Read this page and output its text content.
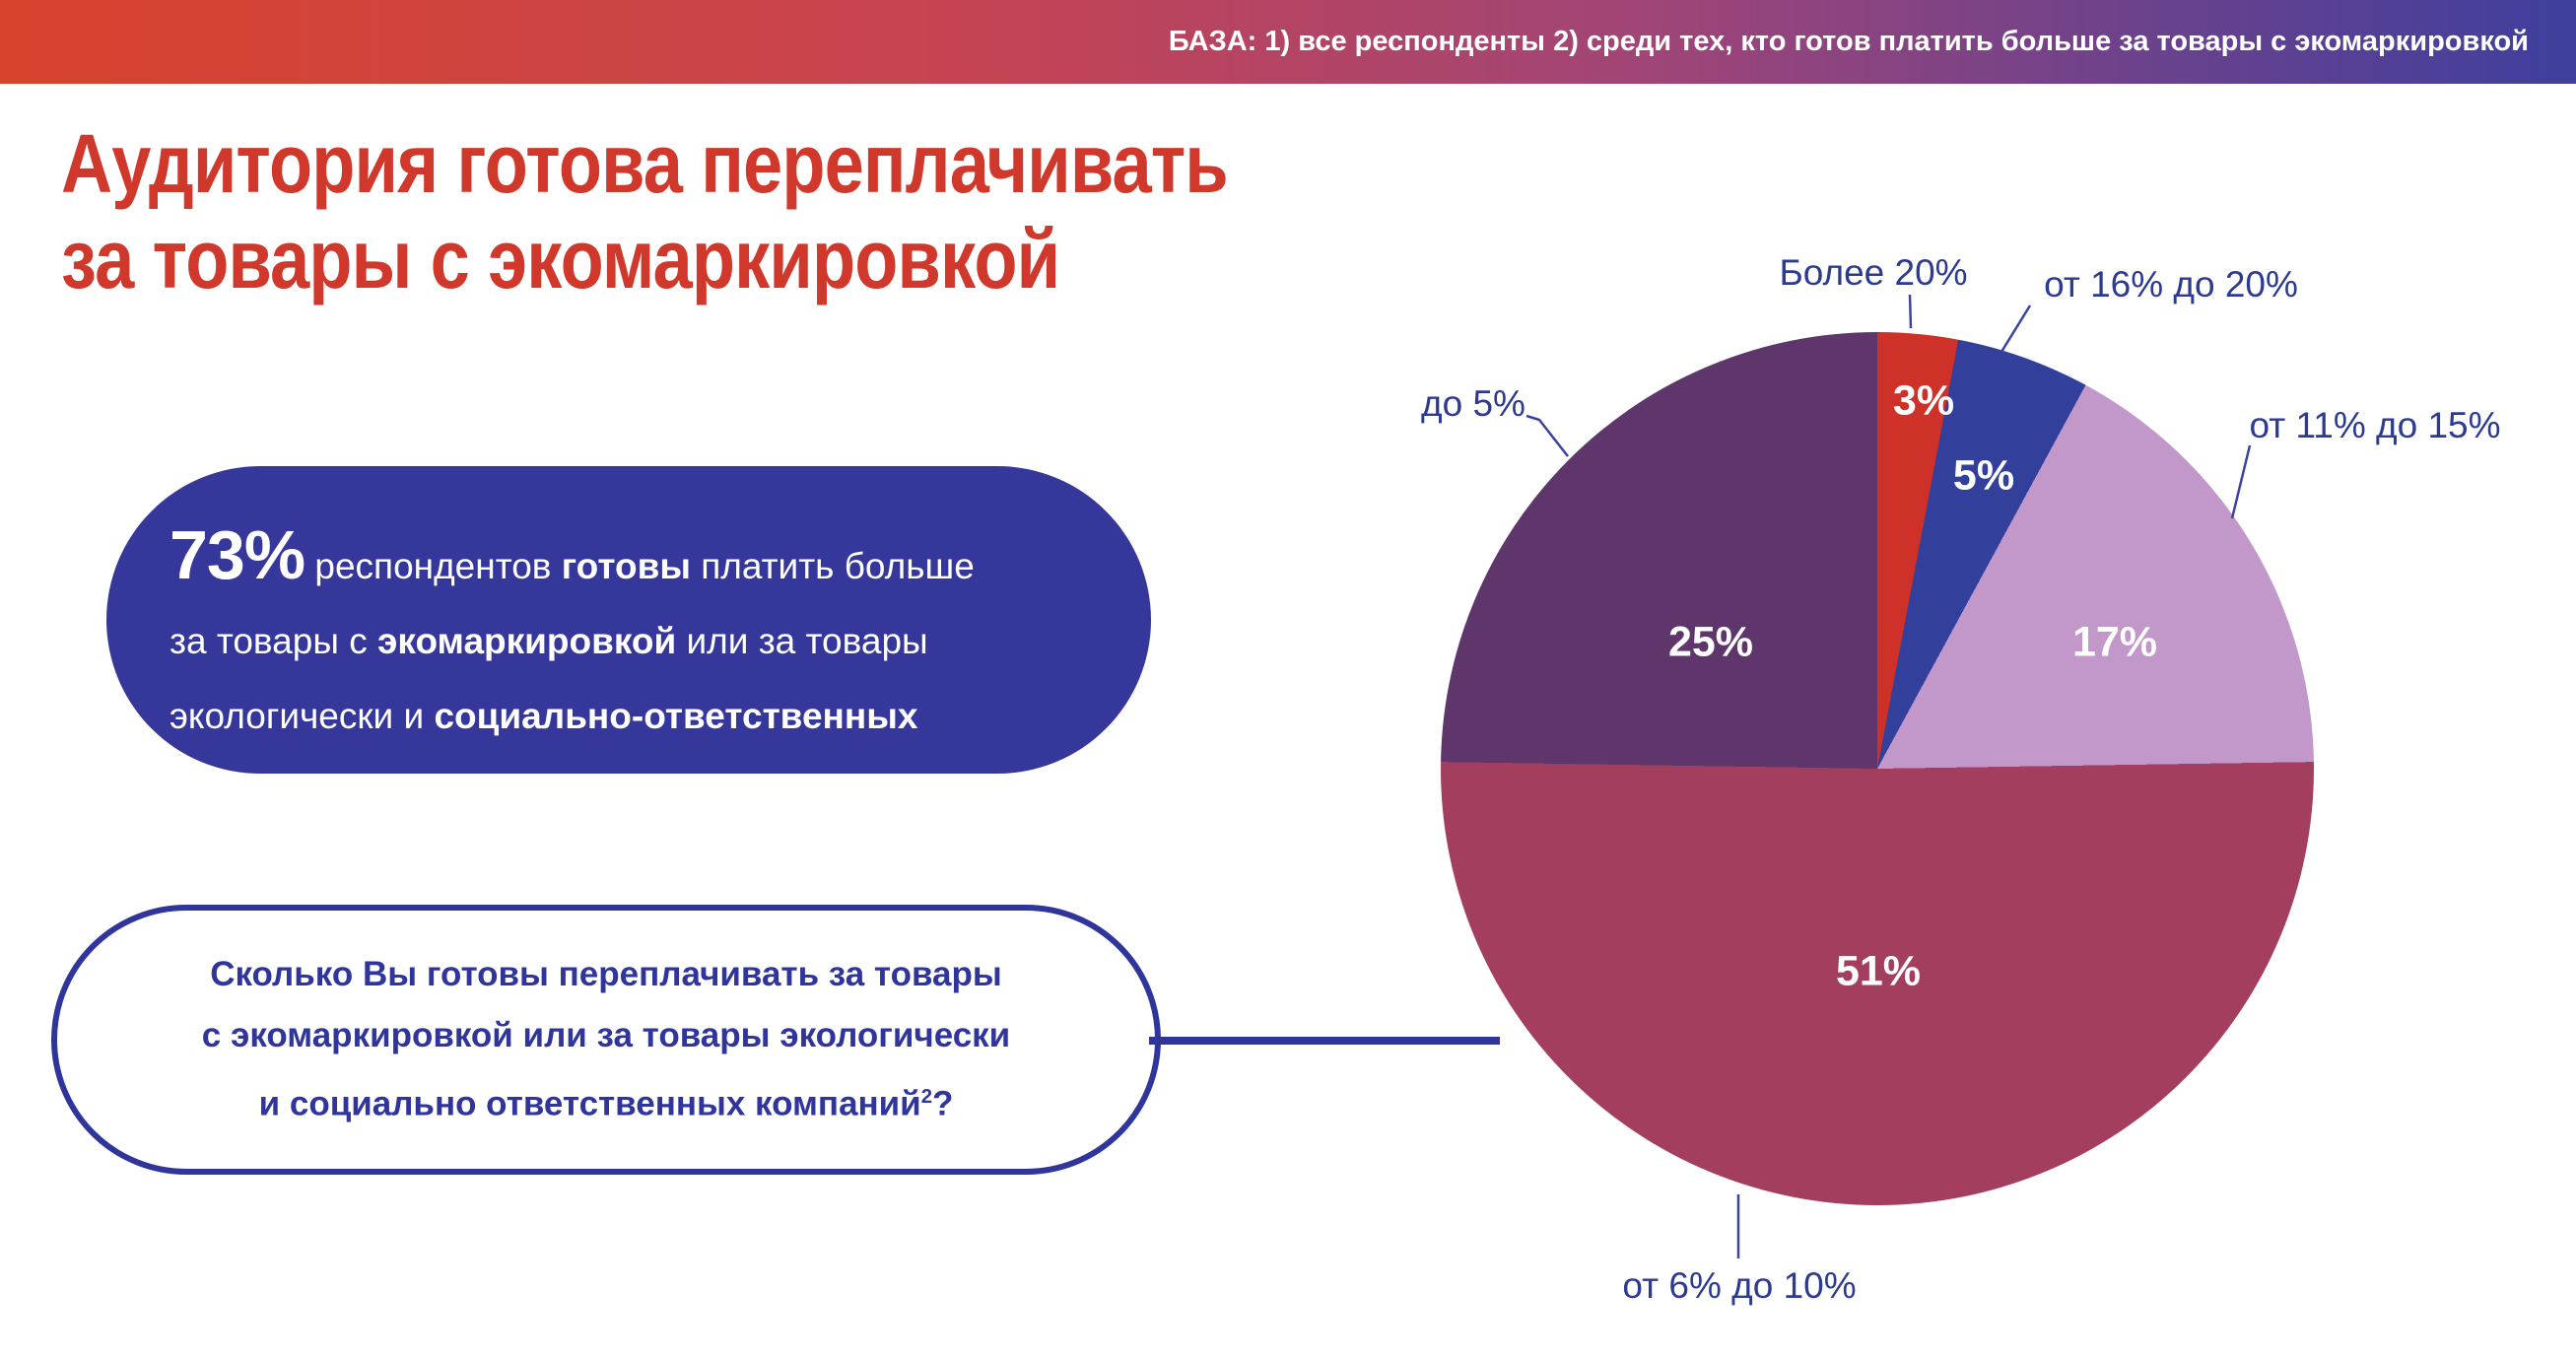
БАЗА: 1) все респонденты 2) среди тех, кто готов платить больше за товары с экомаркировкой
Аудитория готова переплачивать
за товары с экомаркировкой
73% респондентов готовы платить больше
за товары с экомаркировкой или за товары
экологически и социально-ответственных компаний$^1$.
Сколько Вы готовы переплачивать за товары
с экомаркировкой или за товары экологически
и социально ответственных компаний$^2$?
3%
5%
17%
51%
25%
Более 20% от 16% до 20%
от 11% до 15%
от 6% до 10%
до 5%
